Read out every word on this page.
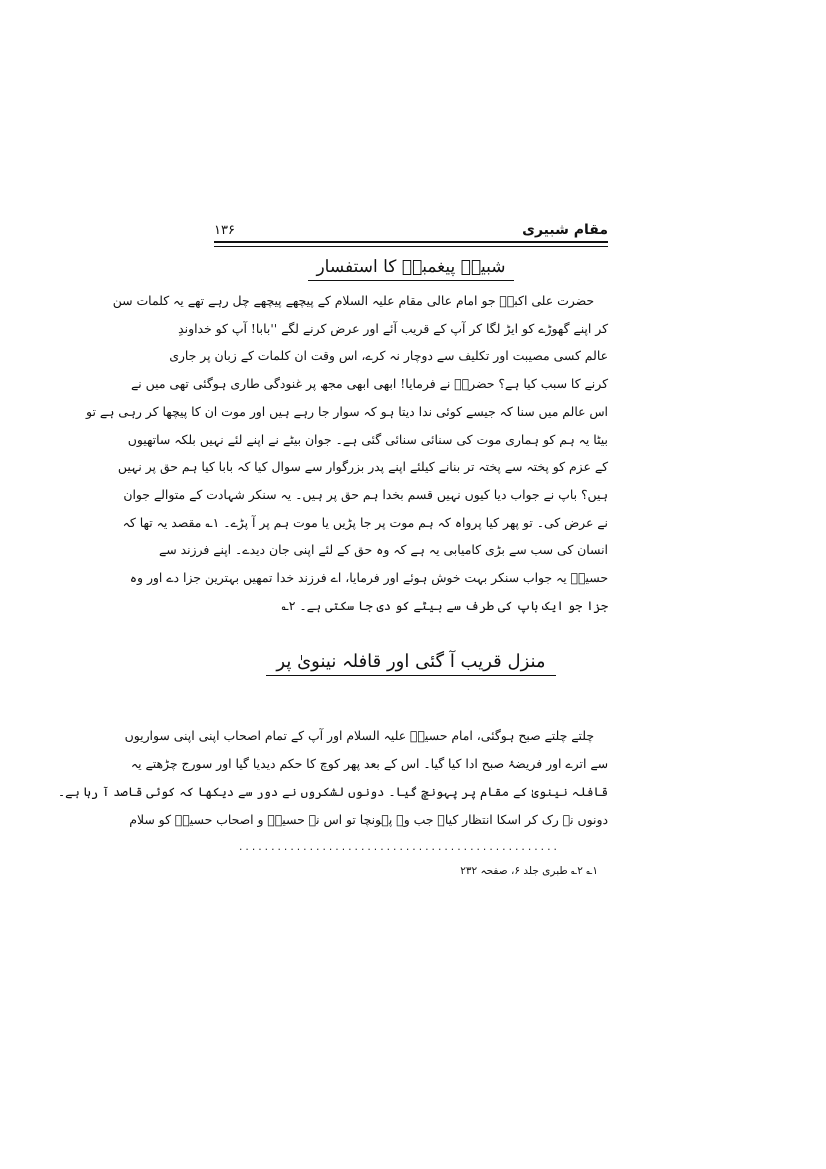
مقام شبیری
۱۳۶
شبیہِ پیغمبرؐ کا استفسار
حضرت علی اکبرؑ جو امام عالی مقام علیہ السلام کے پیچھے پیچھے چل رہے تھے یہ کلمات سن
کر اپنے گھوڑے کو ایڑ لگا کر آپ کے قریب آئے اور عرض کرنے لگے ''بابا! آپ کو خداوندِ
عالم کسی مصیبت اور تکلیف سے دوچار نہ کرے، اس وقت ان کلمات کے زبان پر جاری
کرنے کا سبب کیا ہے؟ حضرتؑ نے فرمایا! ابھی ابھی مجھ پر غنودگی طاری ہوگئی تھی میں نے
اس عالم میں سنا کہ جیسے کوئی ندا دیتا ہو کہ سوار جا رہے ہیں اور موت ان کا پیچھا کر رہی ہے تو
بیٹا یہ ہم کو ہماری موت کی سنائی سنائی گئی ہے۔ جوان بیٹے نے اپنے لئے نہیں بلکہ ساتھیوں
کے عزم کو پختہ سے پختہ تر بنانے کیلئے اپنے پدر بزرگوار سے سوال کیا کہ بابا کیا ہم حق پر نہیں
ہیں؟ باپ نے جواب دیا کیوں نہیں قسم بخدا ہم حق پر ہیں۔ یہ سنکر شہادت کے متوالے جوان
نے عرض کی۔ تو پھر کیا پرواہ کہ ہم موت پر جا پڑیں یا موت ہم پر آ پڑے۔ ۱؎ مقصد یہ تھا کہ
انسان کی سب سے بڑی کامیابی یہ ہے کہ وہ حق کے لئے اپنی جان دیدے۔ اپنے فرزند سے
حسینؑ یہ جواب سنکر بہت خوش ہوئے اور فرمایا، اے فرزند خدا تمھیں بہترین جزا دے اور وہ
جزا جو ایک باپ کی طرف سے بیٹے کو دی جا سکتی ہے۔ ۲؎
منزل قریب آ گئی اور قافلہ نینویٰ پر
چلتے چلتے صبح ہوگئی، امام حسینؑ علیہ السلام اور آپ کے تمام اصحاب اپنی اپنی سواریوں
سے اترے اور فریضۂ صبح ادا کیا گیا۔ اس کے بعد پھر کوچ کا حکم دیدیا گیا اور سورج چڑھتے یہ
قافلہ نینویٰ کے مقام پر پہونچ گیا۔ دونوں لشکروں نے دور سے دیکھا کہ کوئی قاصد آ رہا ہے۔
دونوں نے رک کر اسکا انتظار کیا۔ جب وہ پہونچا تو اس نے حسینؑ و اصحاب حسینؑ کو سلام
..................................................
۱؎ ۲؎ طبری جلد ۶، صفحہ ۲۳۲
